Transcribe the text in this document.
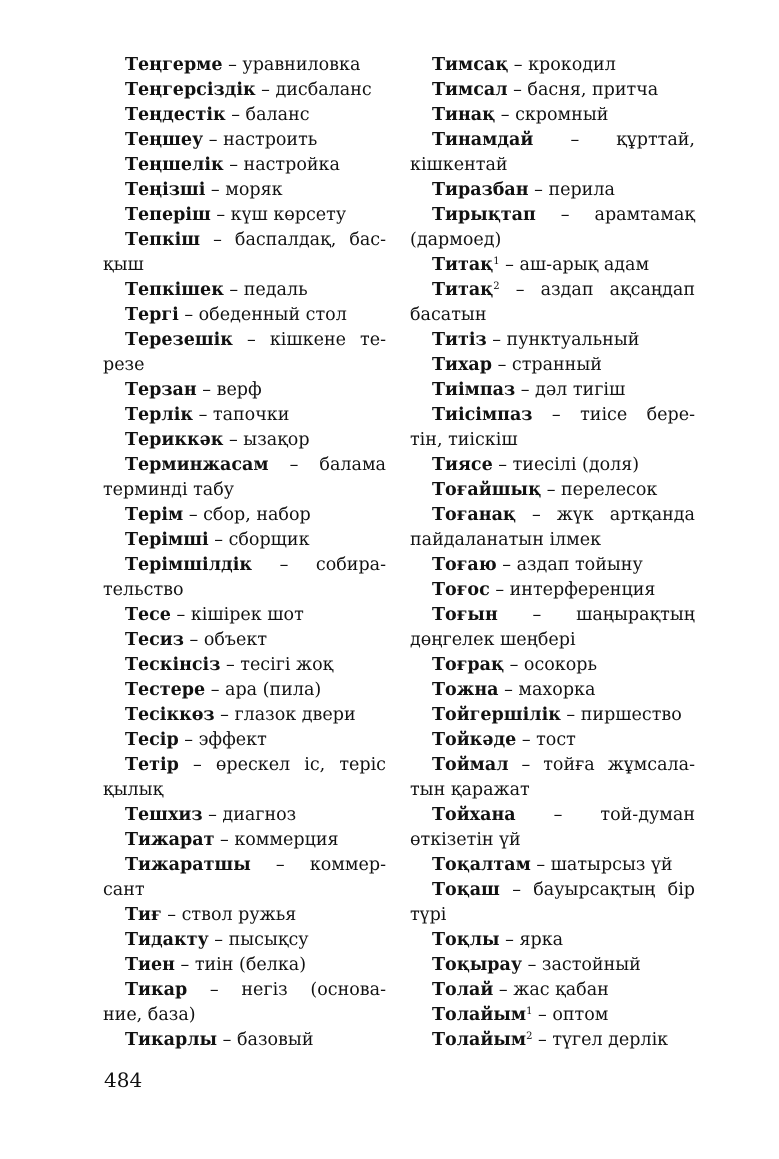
Теңгерме – уравниловка
Теңгерсіздік – дисбаланс
Теңдестік – баланс
Теңшеу – настроить
Теңшелік – настройка
Теңізші – моряк
Тепеpiш – күш көрсету
Тепкіш – баспалдақ, бас-
қыш
Тепкішек – педаль
Тергі – обеденный стол
Терезешік – кішкене те-
резе
Терзан – верф
Терлік – тапочки
Териккәк – ызақор
Терминжасам – балама
терминді табу
Терім – сбор, набор
Терімші – сборщик
Терімшілдік – собира-
тельство
Тесе – кішірек шот
Тесиз – объект
Тескінсіз – тесігі жоқ
Тестере – ара (пила)
Тесіккөз – глазок двери
Тесір – эффект
Тетір – өрескел іс, теріс
қылық
Тешхиз – диагноз
Тижарат – коммерция
Тижаратшы – коммер-
сант
Тиғ – ствол ружья
Тидакту – пысықсу
Тиен – тиін (белка)
Тикар – негіз (основа-
ние, база)
Тикарлы – базовый
Тимсақ – крокодил
Тимсал – басня, притча
Тинақ – скромный
Тинамдай – құрттай,
кішкентай
Тиразбан – перила
Тирықтап – арамтамақ
(дармоед)
Титақ$^1$ – аш-арық адам
Титақ$^2$ – аздап ақсаңдап
басатын
Титіз – пунктуальный
Тихар – странный
Тиімпаз – дәл тигіш
Тиісімпаз – тиісе бере-
тін, тиіскіш
Тиясе – тиесілі (доля)
Тоғайшық – перелесок
Тоғанақ – жүк артқанда
пайдаланатын ілмек
Тоғаю – аздап тойыну
Тоғос – интерференция
Тоғын – шаңырақтың
дөңгелек шеңбері
Тоғрақ – осокорь
Тожна – махорка
Тойгершілік – пиршество
Тойкәде – тост
Тоймал – тойға жұмсала-
тын қаражат
Тойхана – той-думан
өткізетін үй
Тоқалтам – шатырсыз үй
Тоқаш – бауырсақтың бір
түрі
Тоқлы – ярка
Тоқырау – застойный
Толай – жас қабан
Толайым$^1$ – оптом
Толайым$^2$ – түгел дерлік
484
